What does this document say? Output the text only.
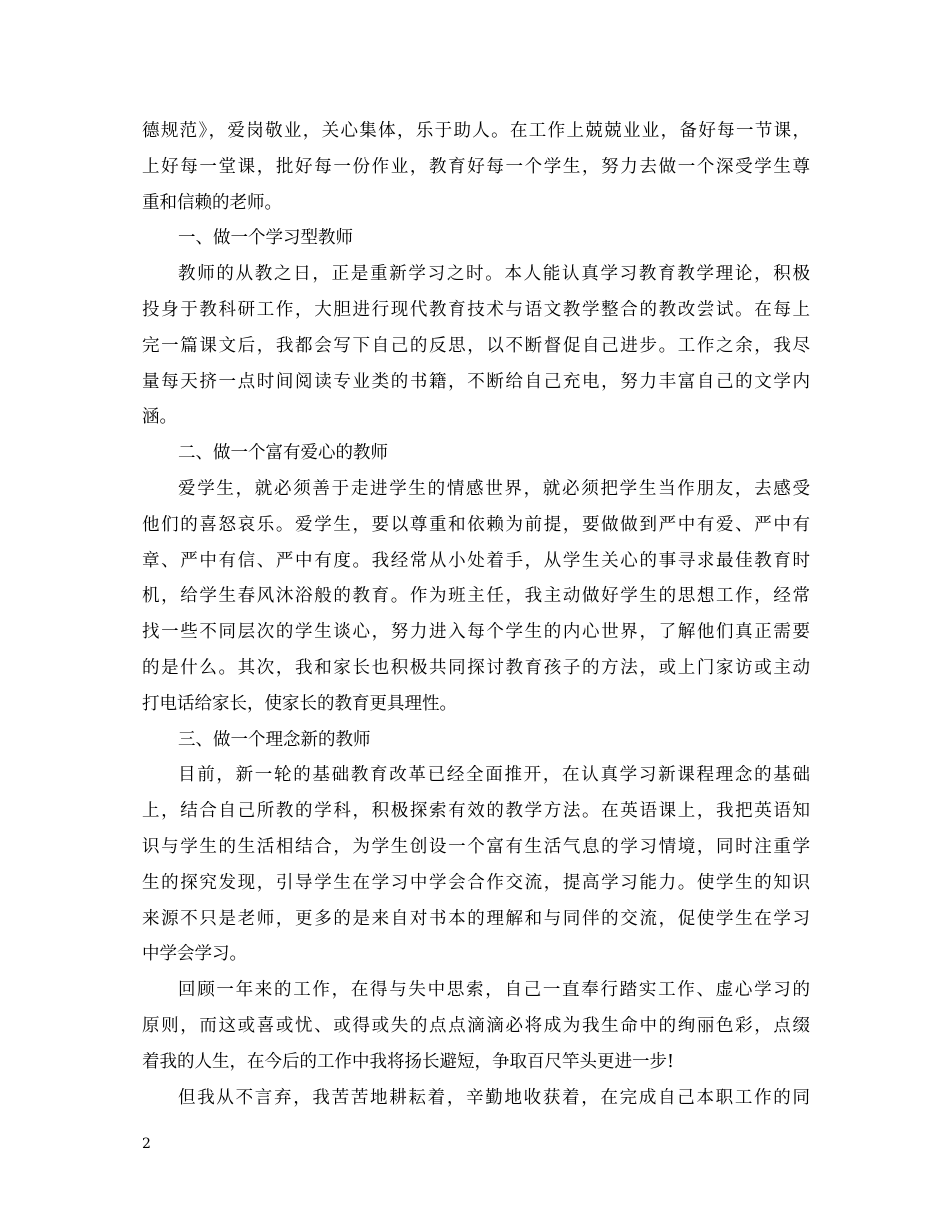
德规范》，爱岗敬业，关心集体，乐于助人。在工作上兢兢业业，备好每一节课，
上好每一堂课，批好每一份作业，教育好每一个学生，努力去做一个深受学生尊
重和信赖的老师。
一、做一个学习型教师
教师的从教之日，正是重新学习之时。本人能认真学习教育教学理论，积极
投身于教科研工作，大胆进行现代教育技术与语文教学整合的教改尝试。在每上
完一篇课文后，我都会写下自己的反思，以不断督促自己进步。工作之余，我尽
量每天挤一点时间阅读专业类的书籍，不断给自己充电，努力丰富自己的文学内
涵。
二、做一个富有爱心的教师
爱学生，就必须善于走进学生的情感世界，就必须把学生当作朋友，去感受
他们的喜怒哀乐。爱学生，要以尊重和依赖为前提，要做做到严中有爱、严中有
章、严中有信、严中有度。我经常从小处着手，从学生关心的事寻求最佳教育时
机，给学生春风沐浴般的教育。作为班主任，我主动做好学生的思想工作，经常
找一些不同层次的学生谈心，努力进入每个学生的内心世界，了解他们真正需要
的是什么。其次，我和家长也积极共同探讨教育孩子的方法，或上门家访或主动
打电话给家长，使家长的教育更具理性。
三、做一个理念新的教师
目前，新一轮的基础教育改革已经全面推开，在认真学习新课程理念的基础
上，结合自己所教的学科，积极探索有效的教学方法。在英语课上，我把英语知
识与学生的生活相结合，为学生创设一个富有生活气息的学习情境，同时注重学
生的探究发现，引导学生在学习中学会合作交流，提高学习能力。使学生的知识
来源不只是老师，更多的是来自对书本的理解和与同伴的交流，促使学生在学习
中学会学习。
回顾一年来的工作，在得与失中思索，自己一直奉行踏实工作、虚心学习的
原则，而这或喜或忧、或得或失的点点滴滴必将成为我生命中的绚丽色彩，点缀
着我的人生，在今后的工作中我将扬长避短，争取百尺竿头更进一步!
但我从不言弃，我苦苦地耕耘着，辛勤地收获着，在完成自己本职工作的同
2
